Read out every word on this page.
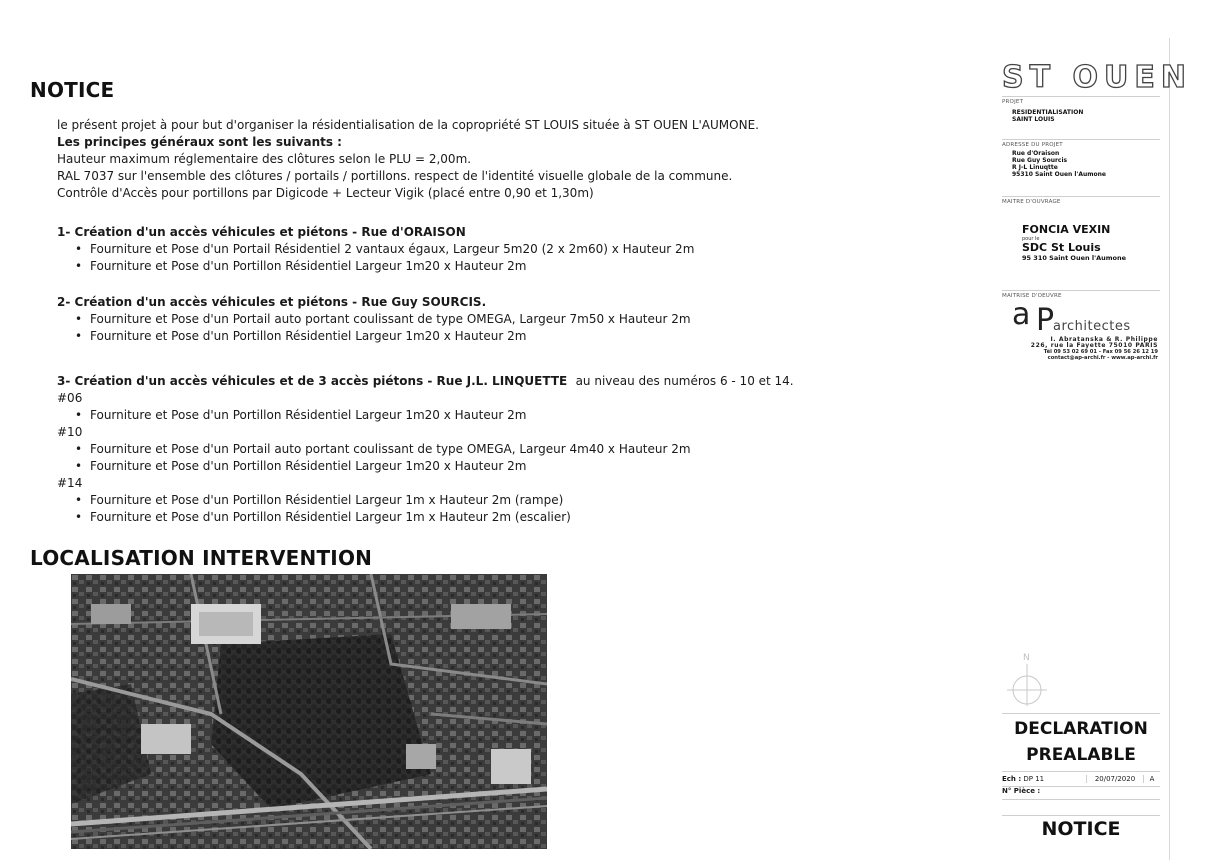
NOTICE
le présent projet à pour but d'organiser la résidentialisation de la copropriété ST LOUIS située à ST OUEN L'AUMONE.
Les principes généraux sont les suivants :
Hauteur maximum réglementaire des clôtures selon le PLU = 2,00m.
RAL 7037 sur l'ensemble des clôtures / portails / portillons. respect de l'identité visuelle globale de la commune.
Contrôle d'Accès pour portillons par Digicode + Lecteur Vigik (placé entre 0,90 et 1,30m)
1- Création d'un accès véhicules et piétons - Rue d'ORAISON
• Fourniture et Pose d'un Portail Résidentiel 2 vantaux égaux, Largeur 5m20 (2 x 2m60) x Hauteur 2m
• Fourniture et Pose d'un Portillon Résidentiel Largeur 1m20 x Hauteur 2m
2- Création d'un accès véhicules et piétons - Rue Guy SOURCIS.
• Fourniture et Pose d'un Portail auto portant coulissant de type OMEGA, Largeur 7m50 x Hauteur 2m
• Fourniture et Pose d'un Portillon Résidentiel Largeur 1m20 x Hauteur 2m
3- Création d'un accès véhicules et de 3 accès piétons - Rue J.L. LINQUETTE au niveau des numéros 6 - 10 et 14.
#06
• Fourniture et Pose d'un Portillon Résidentiel Largeur 1m20 x Hauteur 2m
#10
• Fourniture et Pose d'un Portail auto portant coulissant de type OMEGA, Largeur 4m40 x Hauteur 2m
• Fourniture et Pose d'un Portillon Résidentiel Largeur 1m20 x Hauteur 2m
#14
• Fourniture et Pose d'un Portillon Résidentiel Largeur 1m x Hauteur 2m (rampe)
• Fourniture et Pose d'un Portillon Résidentiel Largeur 1m x Hauteur 2m (escalier)
LOCALISATION INTERVENTION
ST OUEN
PROJET
RESIDENTIALISATION
SAINT LOUIS
ADRESSE DU PROJET
Rue d'Oraison
Rue Guy Sourcis
R J-L Linuqtte
95310 Saint Ouen l'Aumone
MAITRE D'OUVRAGE
FONCIA VEXIN
pour le
SDC St Louis
95 310 Saint Ouen l'Aumone
MAITRISE D'OEUVRE
a P
architectes
I. Abratanska & R. Philippe
226, rue la Fayette 75010 PARIS
Tél 09 53 02 69 01 - Fax 09 56 26 12 19
contact@ap-archi.fr - www.ap-archi.fr
N
DECLARATION
PREALABLE
Ech : DP 11	20/07/2020	A
N° Pièce :
NOTICE
